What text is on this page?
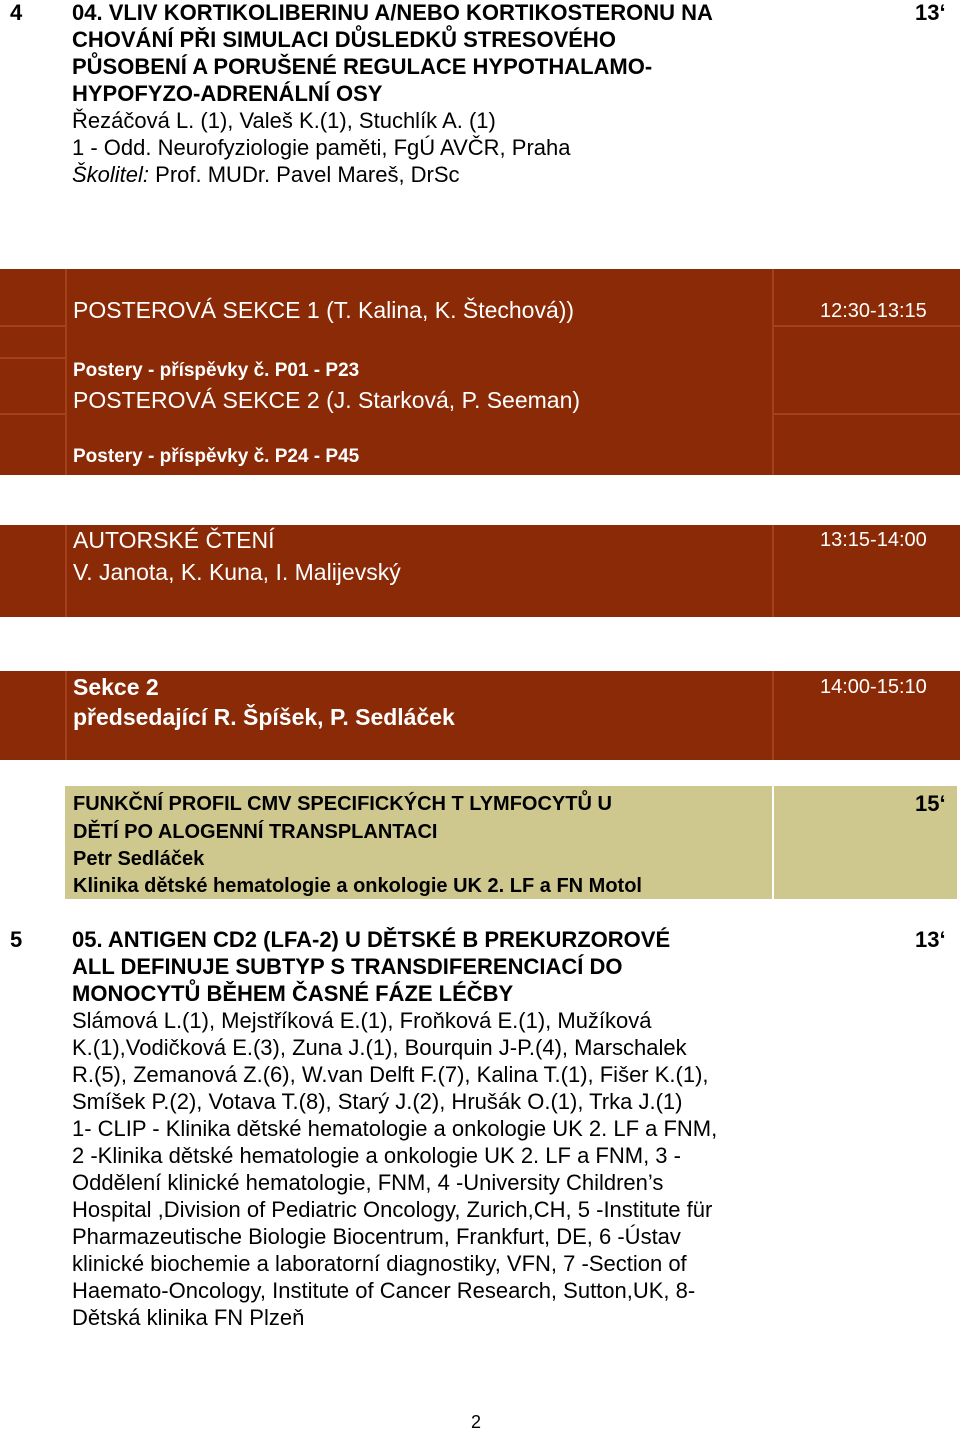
4 04. VLIV KORTIKOLIBERINU A/NEBO KORTIKOSTERONU NA
CHOVÁNÍ PŘI SIMULACI DŮSLEDKŮ STRESOVÉHO
PŮSOBENÍ A PORUŠENÉ REGULACE HYPOTHALAMO-
HYPOFYZO-ADRENÁLNÍ OSY
Řezáčová L. (1), Valeš K.(1), Stuchlík A. (1)
1 - Odd. Neurofyziologie paměti, FgÚ AVČR, Praha
Školitel: Prof. MUDr. Pavel Mareš, DrSc
13‘
POSTEROVÁ SEKCE 1 (T. Kalina, K. Štechová))	12:30-13:15
Postery - příspěvky č. P01 - P23
POSTEROVÁ SEKCE 2 (J. Starková, P. Seeman)
Postery - příspěvky č. P24 - P45
AUTORSKÉ ČTENÍ
V. Janota, K. Kuna, I. Malijevský
13:15-14:00
Sekce 2
předsedající R. Špíšek, P. Sedláček
14:00-15:10
FUNKČNÍ PROFIL CMV SPECIFICKÝCH T LYMFOCYTŮ U
DĚTÍ PO ALOGENNÍ TRANSPLANTACI
Petr Sedláček
Klinika dětské hematologie a onkologie UK 2. LF a FN Motol
15‘
5 05. ANTIGEN CD2 (LFA-2) U DĚTSKÉ B PREKURZOROVÉ
ALL DEFINUJE SUBTYP S TRANSDIFERENCIACÍ DO
MONOCYTŮ BĚHEM ČASNÉ FÁZE LÉČBY
13‘
Slámová L.(1), Mejstříková E.(1), Froňková E.(1), Mužíková
K.(1),Vodičková E.(3), Zuna J.(1), Bourquin J-P.(4), Marschalek
R.(5), Zemanová Z.(6), W.van Delft F.(7), Kalina T.(1), Fišer K.(1),
Smíšek P.(2), Votava T.(8), Starý J.(2), Hrušák O.(1), Trka J.(1)
1- CLIP - Klinika dětské hematologie a onkologie UK 2. LF a FNM,
2 -Klinika dětské hematologie a onkologie UK 2. LF a FNM, 3 -
Oddělení klinické hematologie, FNM, 4 -University Children’s
Hospital ,Division of Pediatric Oncology, Zurich,CH, 5 -Institute für
Pharmazeutische Biologie Biocentrum, Frankfurt, DE, 6 -Ústav
klinické biochemie a laboratorní diagnostiky, VFN, 7 -Section of
Haemato-Oncology, Institute of Cancer Research, Sutton,UK, 8-
Dětská klinika FN Plzeň
2
